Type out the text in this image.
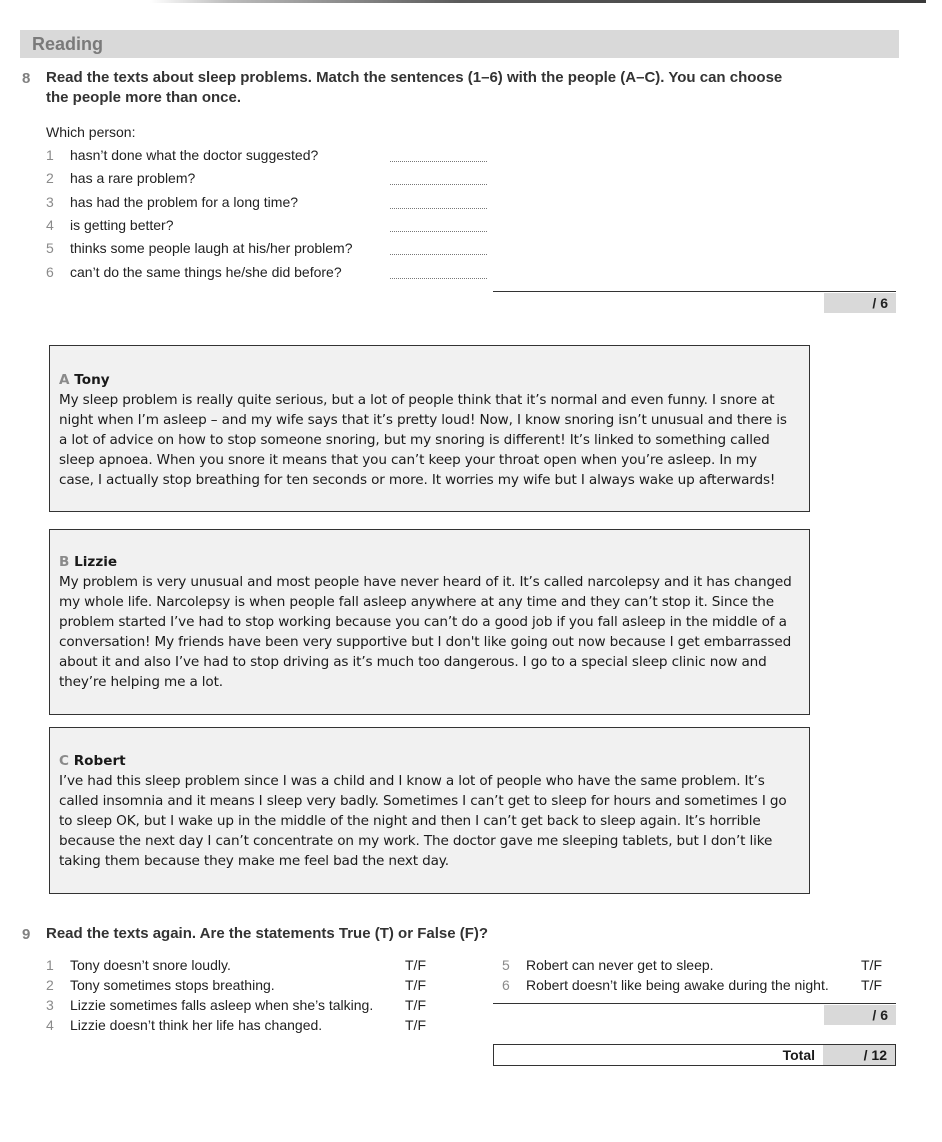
Reading
8 Read the texts about sleep problems. Match the sentences (1–6) with the people (A–C). You can choose
the people more than once.
Which person:
1 hasn’t done what the doctor suggested?
2 has a rare problem?
3 has had the problem for a long time?
4 is getting better?
5 thinks some people laugh at his/her problem?
6 can’t do the same things he/she did before?
/ 6
A Tony
My sleep problem is really quite serious, but a lot of people think that it’s normal and even funny. I snore at
night when I’m asleep – and my wife says that it’s pretty loud! Now, I know snoring isn’t unusual and there is
a lot of advice on how to stop someone snoring, but my snoring is different! It’s linked to something called
sleep apnoea. When you snore it means that you can’t keep your throat open when you’re asleep. In my
case, I actually stop breathing for ten seconds or more. It worries my wife but I always wake up afterwards!
B Lizzie
My problem is very unusual and most people have never heard of it. It’s called narcolepsy and it has changed
my whole life. Narcolepsy is when people fall asleep anywhere at any time and they can’t stop it. Since the
problem started I’ve had to stop working because you can’t do a good job if you fall asleep in the middle of a
conversation! My friends have been very supportive but I don't like going out now because I get embarrassed
about it and also I’ve had to stop driving as it’s much too dangerous. I go to a special sleep clinic now and
they’re helping me a lot.
C Robert
I’ve had this sleep problem since I was a child and I know a lot of people who have the same problem. It’s
called insomnia and it means I sleep very badly. Sometimes I can’t get to sleep for hours and sometimes I go
to sleep OK, but I wake up in the middle of the night and then I can’t get back to sleep again. It’s horrible
because the next day I can’t concentrate on my work. The doctor gave me sleeping tablets, but I don’t like
taking them because they make me feel bad the next day.
9 Read the texts again. Are the statements True (T) or False (F)?
1 Tony doesn’t snore loudly.	T/F
2 Tony sometimes stops breathing.	T/F
3 Lizzie sometimes falls asleep when she’s talking. T/F
4 Lizzie doesn’t think her life has changed.	T/F
5 Robert can never get to sleep.	T/F
6 Robert doesn’t like being awake during the night. T/F
/ 6
Total	/ 12
